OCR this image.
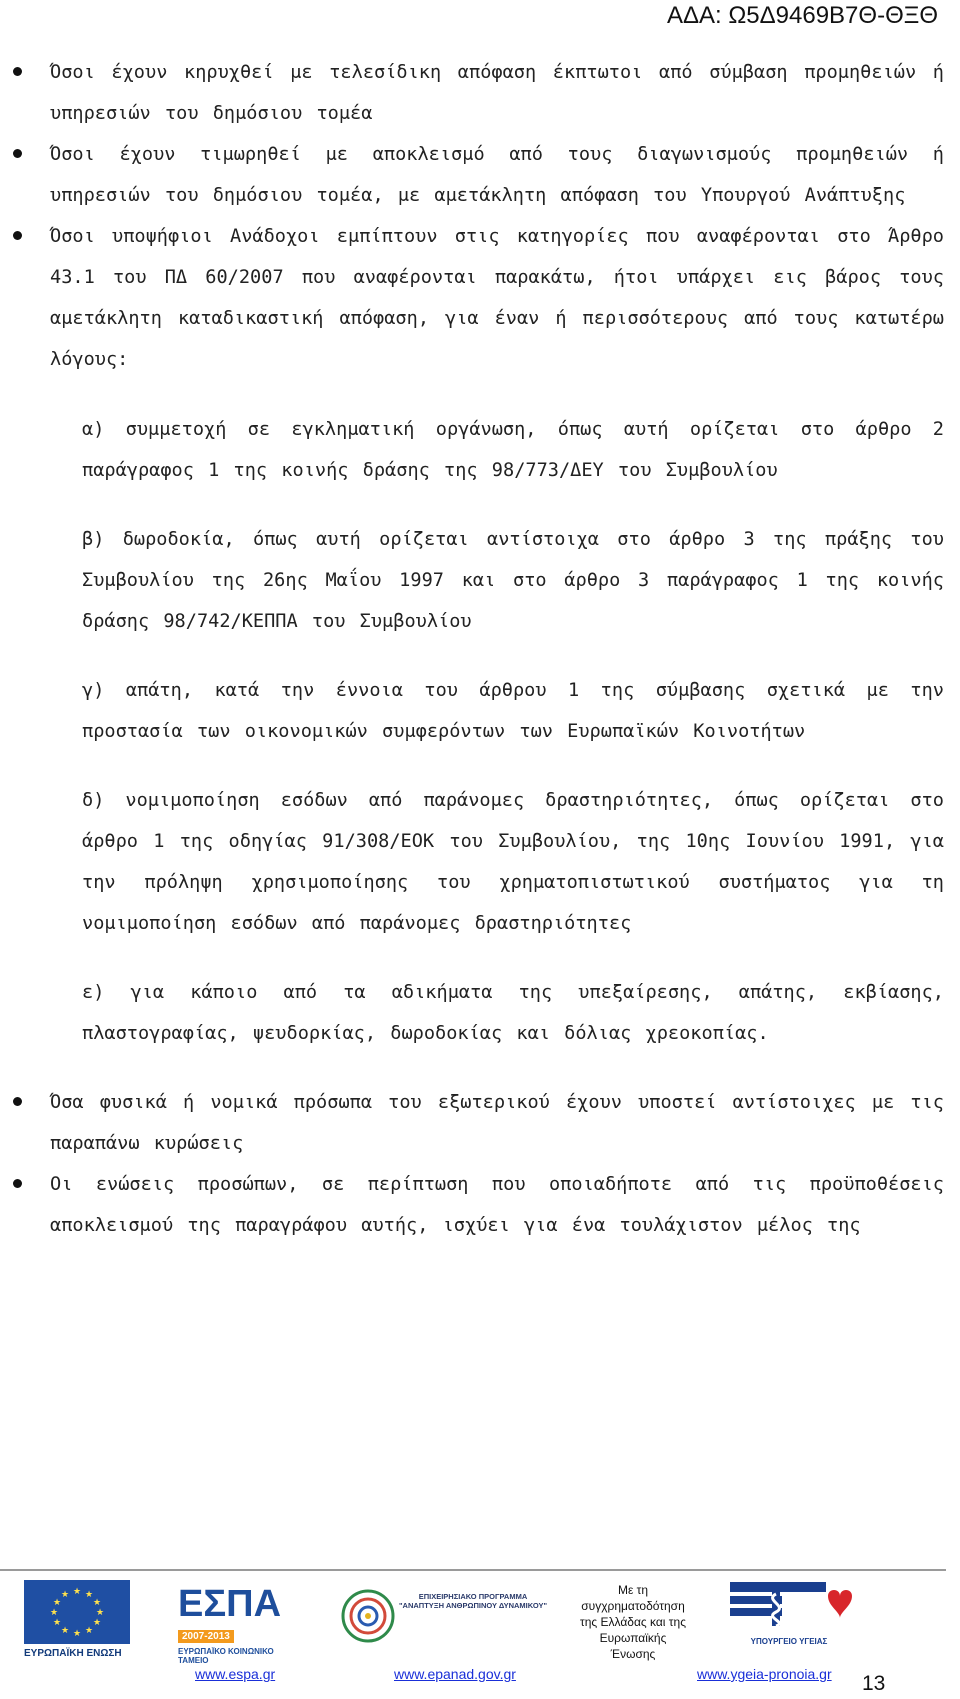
ΑΔΑ: Ω5Δ9469Β7Θ-ΘΞΘ
Όσοι έχουν κηρυχθεί με τελεσίδικη απόφαση έκπτωτοι από σύμβαση προμηθειών ή υπηρεσιών του δημόσιου τομέα
Όσοι έχουν τιμωρηθεί με αποκλεισμό από τους διαγωνισμούς προμηθειών ή υπηρεσιών του δημόσιου τομέα, με αμετάκλητη απόφαση του Υπουργού Ανάπτυξης
Όσοι υποψήφιοι Ανάδοχοι εμπίπτουν στις κατηγορίες που αναφέρονται στο Άρθρο 43.1 του ΠΔ 60/2007 που αναφέρονται παρακάτω, ήτοι υπάρχει εις βάρος τους αμετάκλητη καταδικαστική απόφαση, για έναν ή περισσότερους από τους κατωτέρω λόγους:
α) συμμετοχή σε εγκληματική οργάνωση, όπως αυτή ορίζεται στο άρθρο 2 παράγραφος 1 της κοινής δράσης της 98/773/ΔΕΥ του Συμβουλίου
β) δωροδοκία, όπως αυτή ορίζεται αντίστοιχα στο άρθρο 3 της πράξης του Συμβουλίου της 26ης Μαΐου 1997 και στο άρθρο 3 παράγραφος 1 της κοινής δράσης 98/742/ΚΕΠΠΑ του Συμβουλίου
γ) απάτη, κατά την έννοια του άρθρου 1 της σύμβασης σχετικά με την προστασία των οικονομικών συμφερόντων των Ευρωπαϊκών Κοινοτήτων
δ) νομιμοποίηση εσόδων από παράνομες δραστηριότητες, όπως ορίζεται στο άρθρο 1 της οδηγίας 91/308/ΕΟΚ του Συμβουλίου, της 10ης Ιουνίου 1991, για την πρόληψη χρησιμοποίησης του χρηματοπιστωτικού συστήματος για τη νομιμοποίηση εσόδων από παράνομες δραστηριότητες
ε) για κάποιο από τα αδικήματα της υπεξαίρεσης, απάτης, εκβίασης, πλαστογραφίας, ψευδορκίας, δωροδοκίας και δόλιας χρεοκοπίας.
Όσα φυσικά ή νομικά πρόσωπα του εξωτερικού έχουν υποστεί αντίστοιχες με τις παραπάνω κυρώσεις
Οι ενώσεις προσώπων, σε περίπτωση που οποιαδήποτε από τις προϋποθέσεις αποκλεισμού της παραγράφου αυτής, ισχύει για ένα τουλάχιστον μέλος της
★ ★
★
★
★
★
★
★
★
★
★
★
ΕΥΡΩΠΑΪΚΗ ΕΝΩΣΗ
ΕΣΠΑ
2007-2013
ΕΥΡΩΠΑΪΚΟ ΚΟΙΝΩΝΙΚΟ ΤΑΜΕΙΟ
ΕΠΙΧΕΙΡΗΣΙΑΚΟ ΠΡΟΓΡΑΜΜΑ "ΑΝΑΠΤΥΞΗ ΑΝΘΡΩΠΙΝΟΥ ΔΥΝΑΜΙΚΟΥ"
Με τη
συγχρηματοδότηση
της Ελλάδας και της
Ευρωπαϊκής
Ένωσης
ΥΠΟΥΡΓΕΙΟ ΥΓΕΙΑΣ
www.espa.gr	www.epanad.gov.gr	www.ygeia-pronoia.gr 13
